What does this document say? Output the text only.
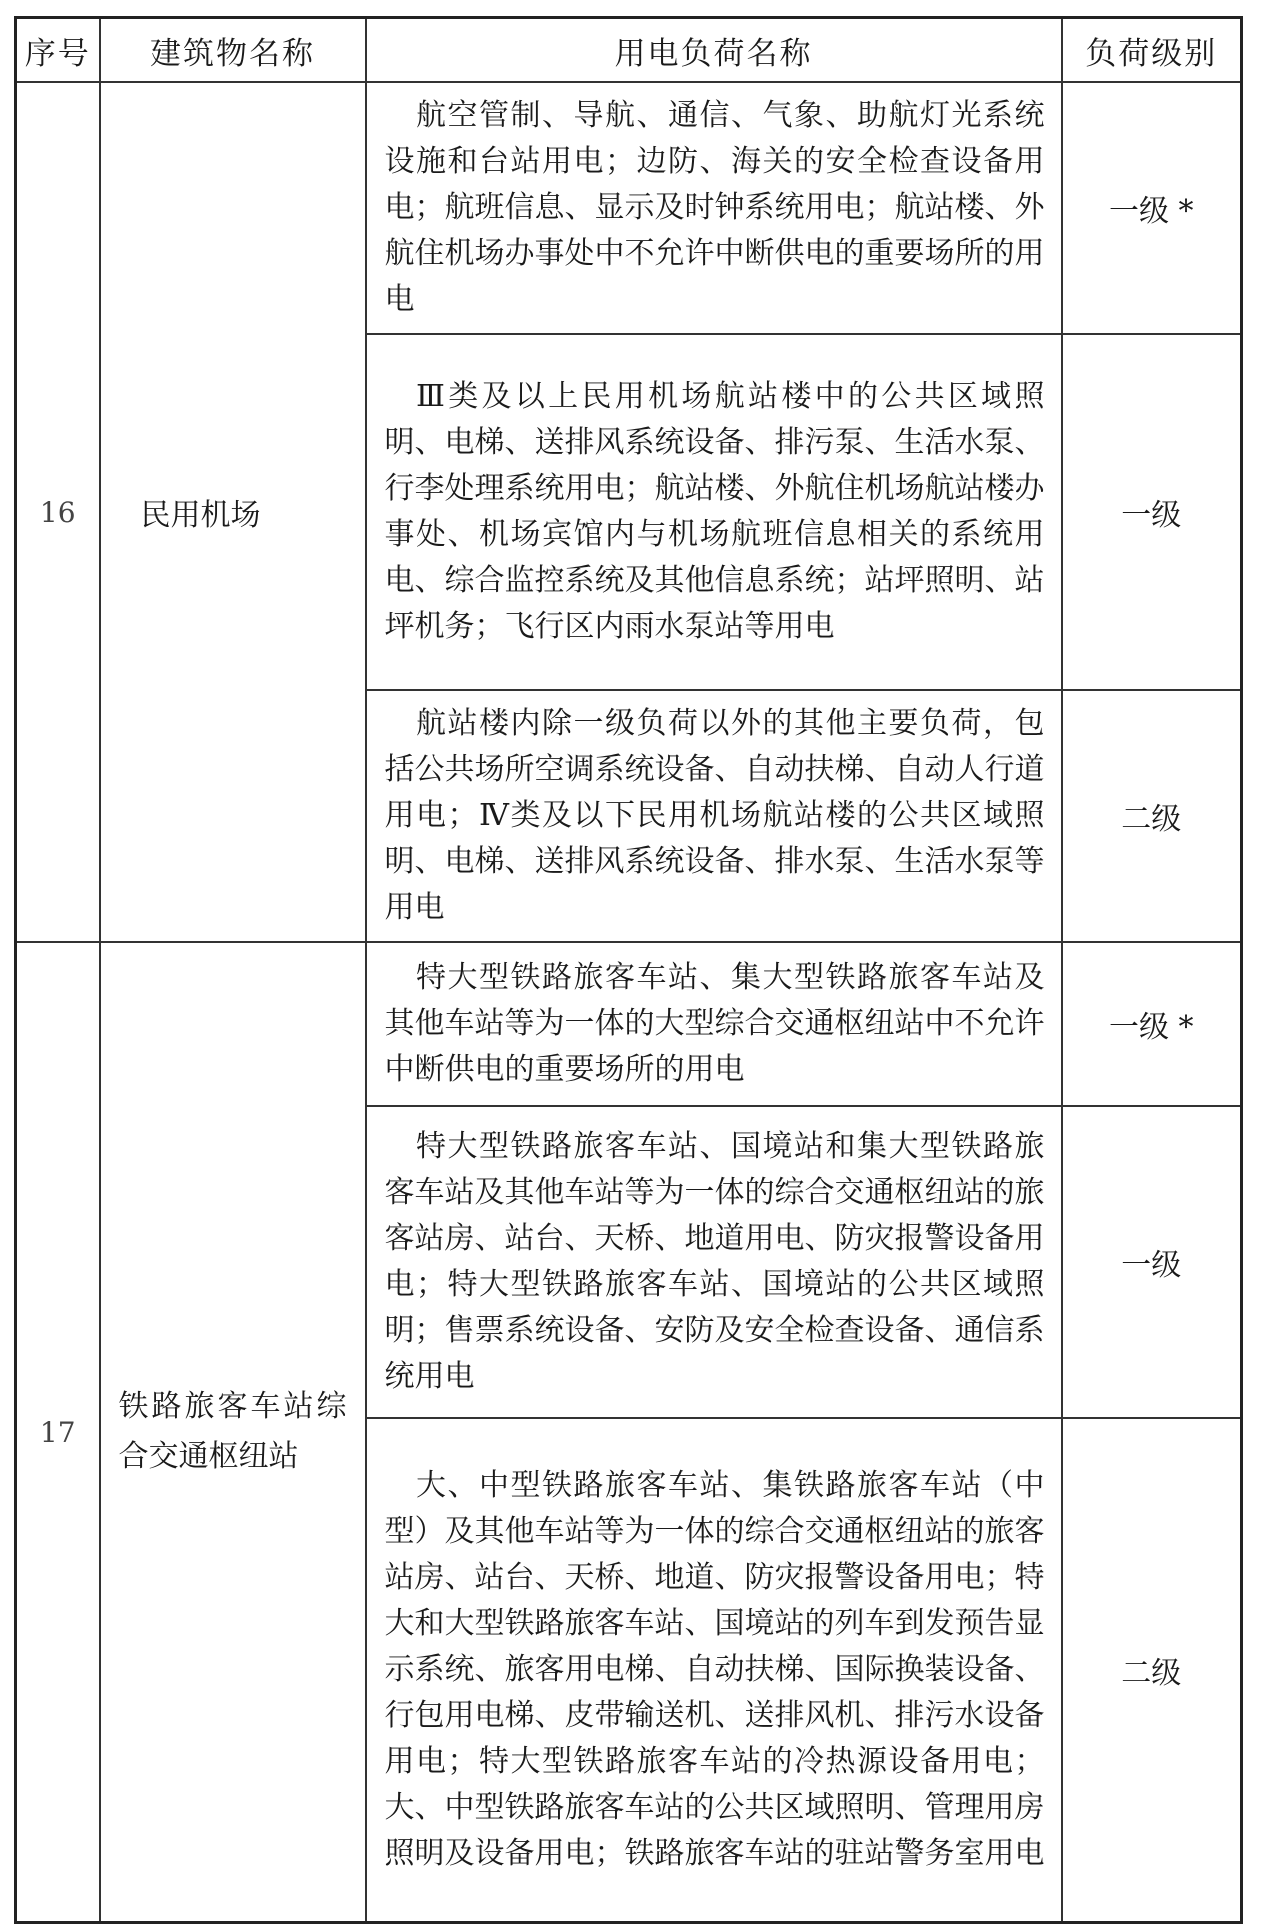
序号	建筑物名称	用电负荷名称	负荷级别
16	民用机场	航空管制、导航、通信、气象、助航灯光系统设施和台站用电；边防、海关的安全检查设备用电；航班信息、显示及时钟系统用电；航站楼、外航住机场办事处中不允许中断供电的重要场所的用电	一级 *

		Ⅲ类及以上民用机场航站楼中的公共区域照明、电梯、送排风系统设备、排污泵、生活水泵、行李处理系统用电；航站楼、外航住机场航站楼办事处、机场宾馆内与机场航班信息相关的系统用电、综合监控系统及其他信息系统；站坪照明、站坪机务；飞行区内雨水泵站等用电	一级

		航站楼内除一级负荷以外的其他主要负荷，包括公共场所空调系统设备、自动扶梯、自动人行道用电；Ⅳ类及以下民用机场航站楼的公共区域照明、电梯、送排风系统设备、排水泵、生活水泵等用电	二级
17	铁路旅客车站综合交通枢纽站	特大型铁路旅客车站、集大型铁路旅客车站及其他车站等为一体的大型综合交通枢纽站中不允许中断供电的重要场所的用电	一级 *

		特大型铁路旅客车站、国境站和集大型铁路旅客车站及其他车站等为一体的综合交通枢纽站的旅客站房、站台、天桥、地道用电、防灾报警设备用电；特大型铁路旅客车站、国境站的公共区域照明；售票系统设备、安防及安全检查设备、通信系统用电	一级

		大、中型铁路旅客车站、集铁路旅客车站（中型）及其他车站等为一体的综合交通枢纽站的旅客站房、站台、天桥、地道、防灾报警设备用电；特大和大型铁路旅客车站、国境站的列车到发预告显示系统、旅客用电梯、自动扶梯、国际换装设备、行包用电梯、皮带输送机、送排风机、排污水设备用电；特大型铁路旅客车站的冷热源设备用电；大、中型铁路旅客车站的公共区域照明、管理用房照明及设备用电；铁路旅客车站的驻站警务室用电	二级
